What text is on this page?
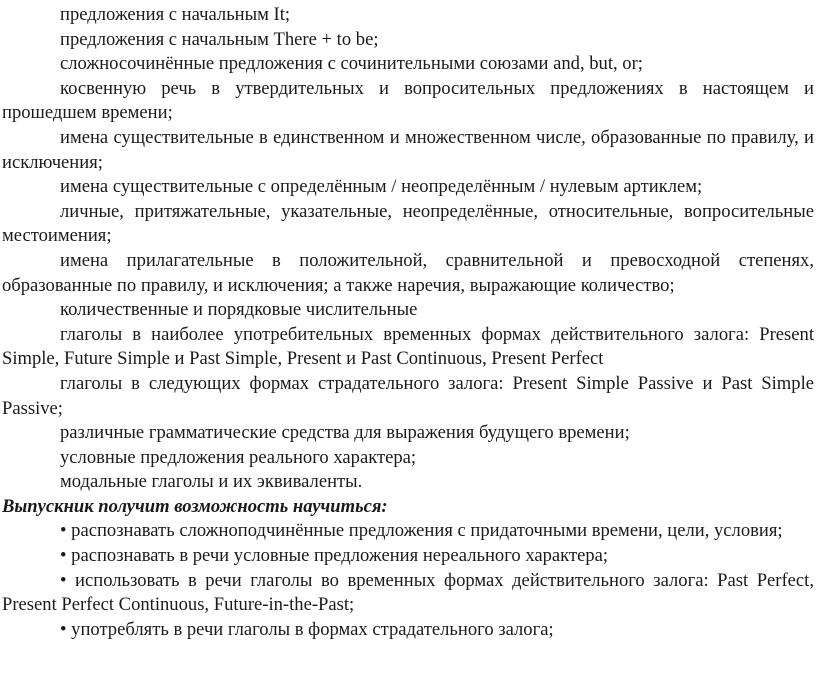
предложения с начальным It;

предложения с начальным There + to be;

сложносочинённые предложения с сочинительными союзами and, but, or;

косвенную речь в утвердительных и вопросительных предложениях в настоящем и прошедшем времени;

имена существительные в единственном и множественном числе, образованные по правилу, и исключения;

имена существительные с определённым / неопределённым / нулевым артиклем;

личные, притяжательные, указательные, неопределённые, относительные, вопросительные местоимения;

имена прилагательные в положительной, сравнительной и превосходной степенях, образованные по правилу, и исключения; а также наречия, выражающие количество;

количественные и порядковые числительные

глаголы в наиболее употребительных временных формах действительного залога: Present Simple, Future Simple и Past Simple, Present и Past Continuous, Present Perfect

глаголы в следующих формах страдательного залога: Present Simple Passive и Past Simple Passive;

различные грамматические средства для выражения будущего времени;

условные предложения реального характера;

модальные глаголы и их эквиваленты.

Выпускник получит возможность научиться:

• распознавать сложноподчинённые предложения с придаточными времени, цели, условия;

• распознавать в речи условные предложения нереального характера;

• использовать в речи глаголы во временных формах действительного залога: Past Perfect, Present Perfect Continuous, Future-in-the-Past;

• употреблять в речи глаголы в формах страдательного залога;
